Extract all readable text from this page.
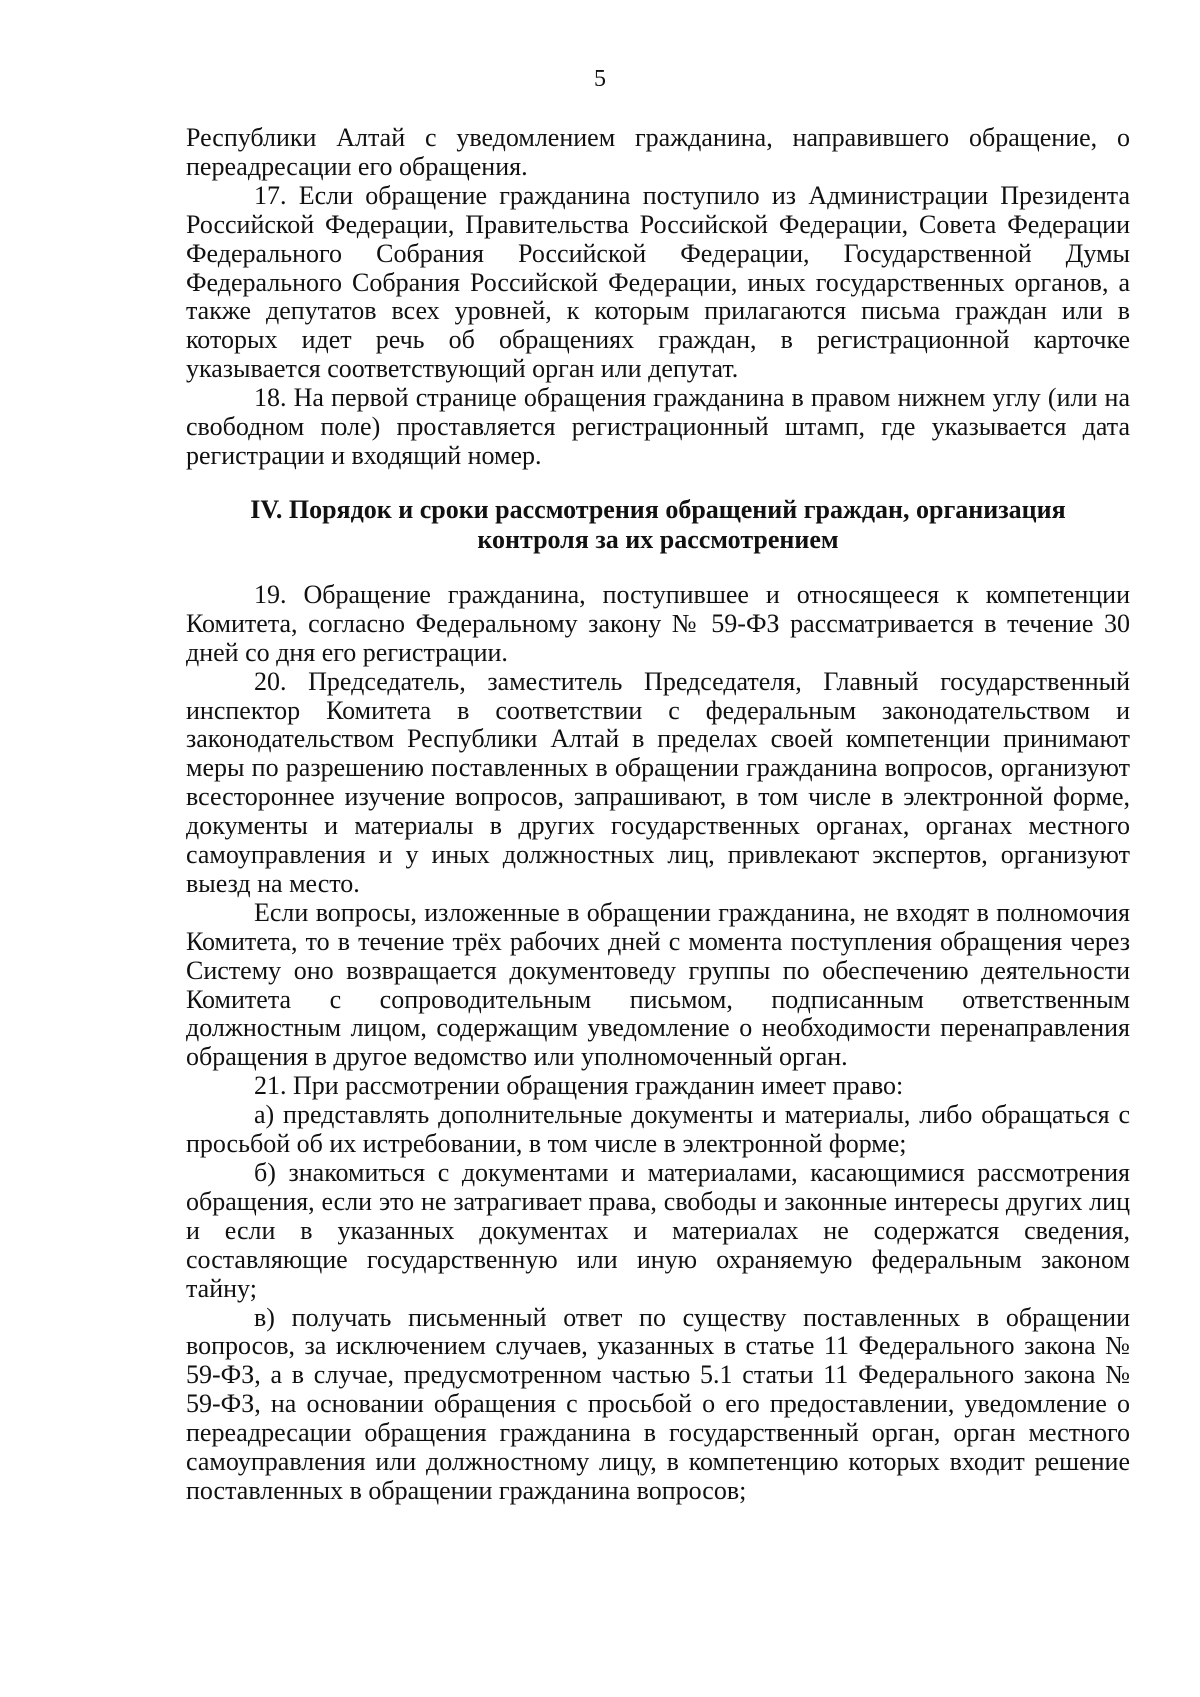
5

Республики Алтай с уведомлением гражданина, направившего обращение, о переадресации его обращения.

17. Если обращение гражданина поступило из Администрации Президента Российской Федерации, Правительства Российской Федерации, Совета Федерации Федерального Собрания Российской Федерации, Государственной Думы Федерального Собрания Российской Федерации, иных государственных органов, а также депутатов всех уровней, к которым прилагаются письма граждан или в которых идет речь об обращениях граждан, в регистрационной карточке указывается соответствующий орган или депутат.

18. На первой странице обращения гражданина в правом нижнем углу (или на свободном поле) проставляется регистрационный штамп, где указывается дата регистрации и входящий номер.

IV. Порядок и сроки рассмотрения обращений граждан, организация
контроля за их рассмотрением

19. Обращение гражданина, поступившее и относящееся к компетенции Комитета, согласно Федеральному закону № 59-ФЗ рассматривается в течение 30 дней со дня его регистрации.

20. Председатель, заместитель Председателя, Главный государственный инспектор Комитета в соответствии с федеральным законодательством и законодательством Республики Алтай в пределах своей компетенции принимают меры по разрешению поставленных в обращении гражданина вопросов, организуют всестороннее изучение вопросов, запрашивают, в том числе в электронной форме, документы и материалы в других государственных органах, органах местного самоуправления и у иных должностных лиц, привлекают экспертов, организуют выезд на место.

Если вопросы, изложенные в обращении гражданина, не входят в полномочия Комитета, то в течение трёх рабочих дней с момента поступления обращения через Систему оно возвращается документоведу группы по обеспечению деятельности Комитета с сопроводительным письмом, подписанным ответственным должностным лицом, содержащим уведомление о необходимости перенаправления обращения в другое ведомство или уполномоченный орган.

21. При рассмотрении обращения гражданин имеет право:

а) представлять дополнительные документы и материалы, либо обращаться с просьбой об их истребовании, в том числе в электронной форме;

б) знакомиться с документами и материалами, касающимися рассмотрения обращения, если это не затрагивает права, свободы и законные интересы других лиц и если в указанных документах и материалах не содержатся сведения, составляющие государственную или иную охраняемую федеральным законом тайну;

в) получать письменный ответ по существу поставленных в обращении вопросов, за исключением случаев, указанных в статье 11 Федерального закона № 59-ФЗ, а в случае, предусмотренном частью 5.1 статьи 11 Федерального закона № 59-ФЗ, на основании обращения с просьбой о его предоставлении, уведомление о переадресации обращения гражданина в государственный орган, орган местного самоуправления или должностному лицу, в компетенцию которых входит решение поставленных в обращении гражданина вопросов;
